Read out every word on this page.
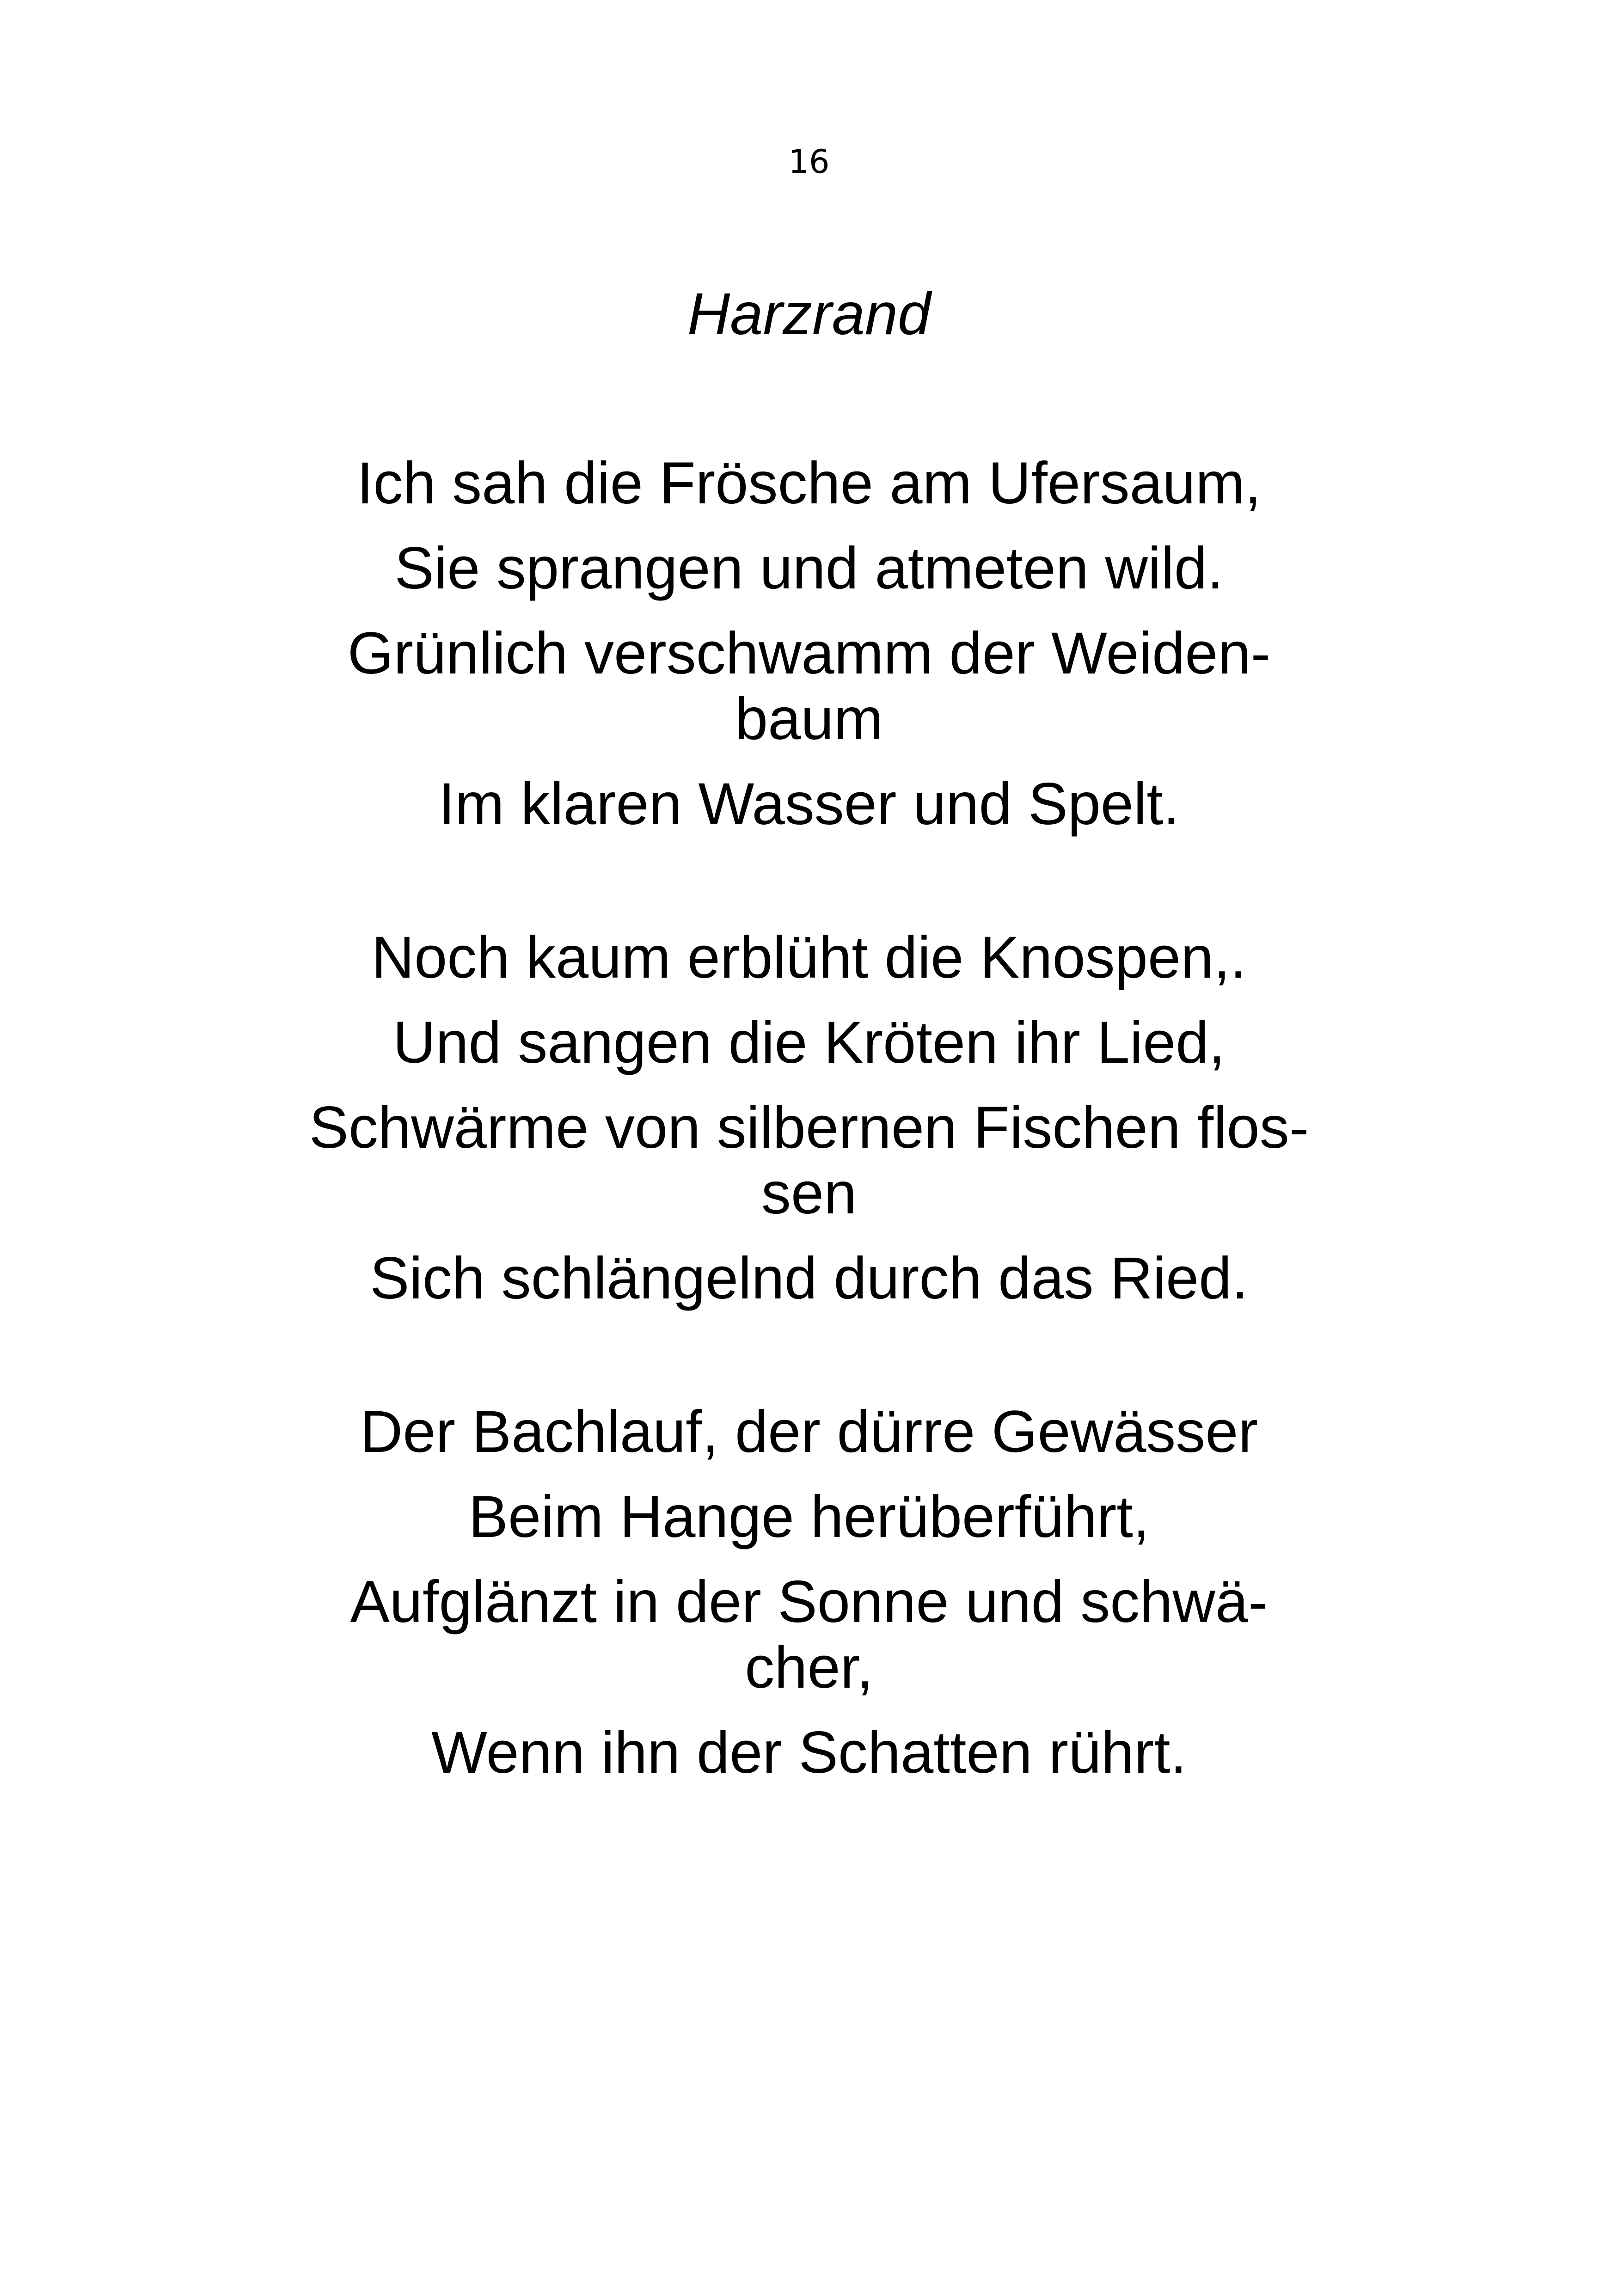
16

Harzrand
Ich sah die Frösche am Ufersaum,
Sie sprangen und atmeten wild.
Grünlich verschwamm der Weiden-
baum
Im klaren Wasser und Spelt.
Noch kaum erblüht die Knospen,.
Und sangen die Kröten ihr Lied,
Schwärme von silbernen Fischen flos-
sen
Sich schlängelnd durch das Ried.
Der Bachlauf, der dürre Gewässer
Beim Hange herüberführt,
Aufglänzt in der Sonne und schwä-
cher,
Wenn ihn der Schatten rührt.
